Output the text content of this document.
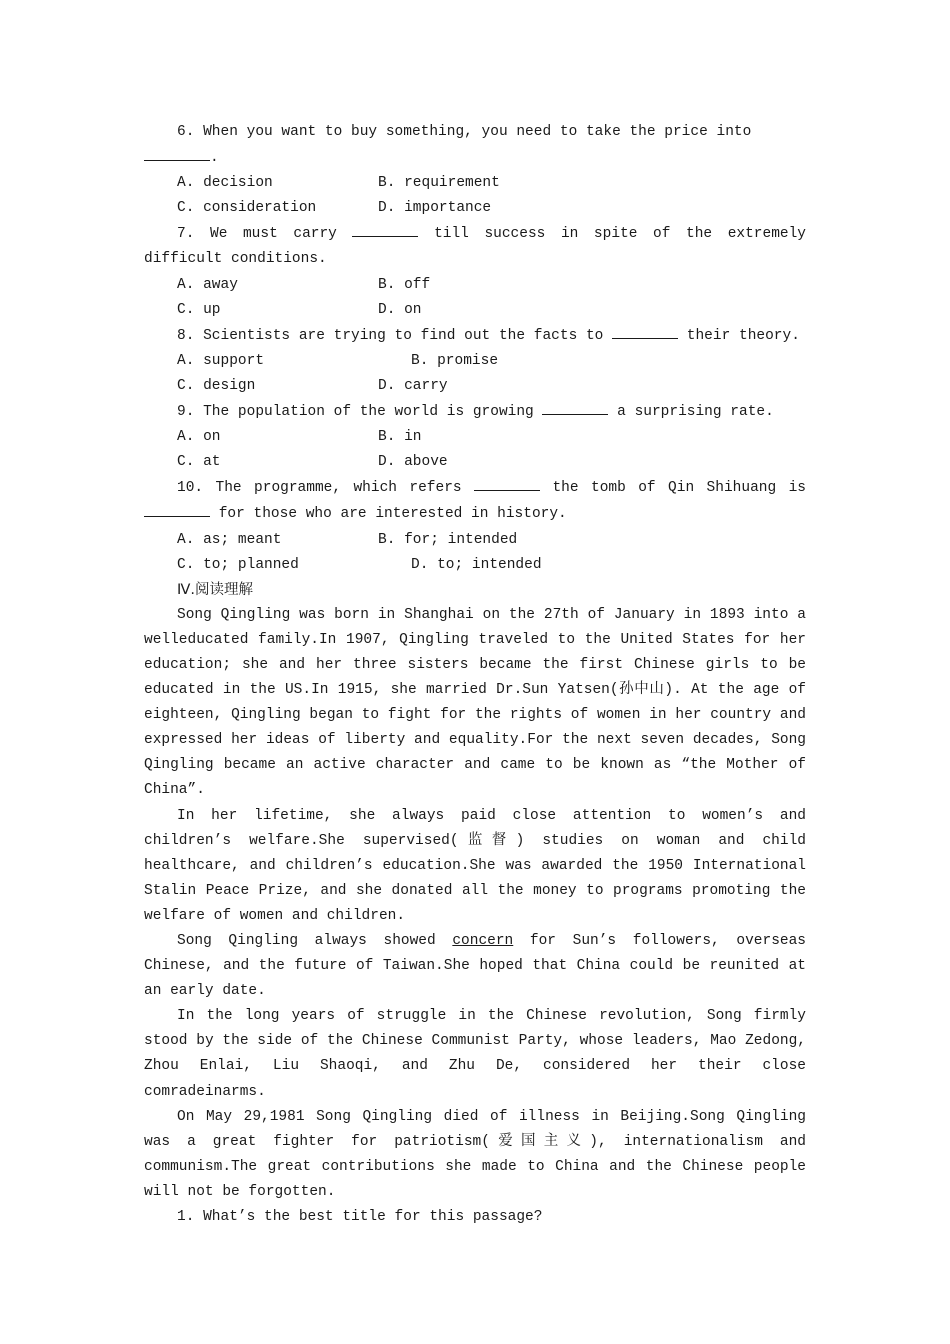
6. When you want to buy something, you need to take the price into
.

A. decision	B. requirement
C. consideration	D. importance

7. We must carry	till success in spite of the extremely difficult conditions.

A. away	B. off
C. up	D. on

8. Scientists are trying to find out the facts to	their theory.

A. support	B. promise
C. design	D. carry

9. The population of the world is growing	a surprising rate.

A. on	B. in
C. at	D. above

10. The programme, which refers	the tomb of Qin Shihuang is  for those who are interested in history.

A. as; meant	B. for; intended
C. to; planned	D. to; intended
Ⅳ.阅读理解

Song Qingling was born in Shanghai on the 27th of January in 1893 into a welleducated family.In 1907, Qingling traveled to the United States for her education; she and her three sisters became the first Chinese girls to be educated in the US.In 1915, she married Dr.Sun Yatsen(孙中山). At the age of eighteen, Qingling began to fight for the rights of women in her country and expressed her ideas of liberty and equality.For the next seven decades, Song Qingling became an active character and came to be known as “the Mother of China”.

In her lifetime, she always paid close attention to women’s and children’s welfare.She supervised(监督) studies on woman and child healthcare, and children’s education.She was awarded the 1950 International Stalin Peace Prize, and she donated all the money to programs promoting the welfare of women and children.

Song Qingling always showed concern for Sun’s followers, overseas Chinese, and the future of Taiwan.She hoped that China could be reunited at an early date.

In the long years of struggle in the Chinese revolution, Song firmly stood by the side of the Chinese Communist Party, whose leaders, Mao Zedong, Zhou Enlai, Liu Shaoqi, and Zhu De, considered her their close comradeinarms.

On May 29,1981 Song Qingling died of illness in Beijing.Song Qingling was a great fighter for patriotism(爱国主义), internationalism and communism.The great contributions she made to China and the Chinese people will not be forgotten.

1. What’s the best title for this passage?
